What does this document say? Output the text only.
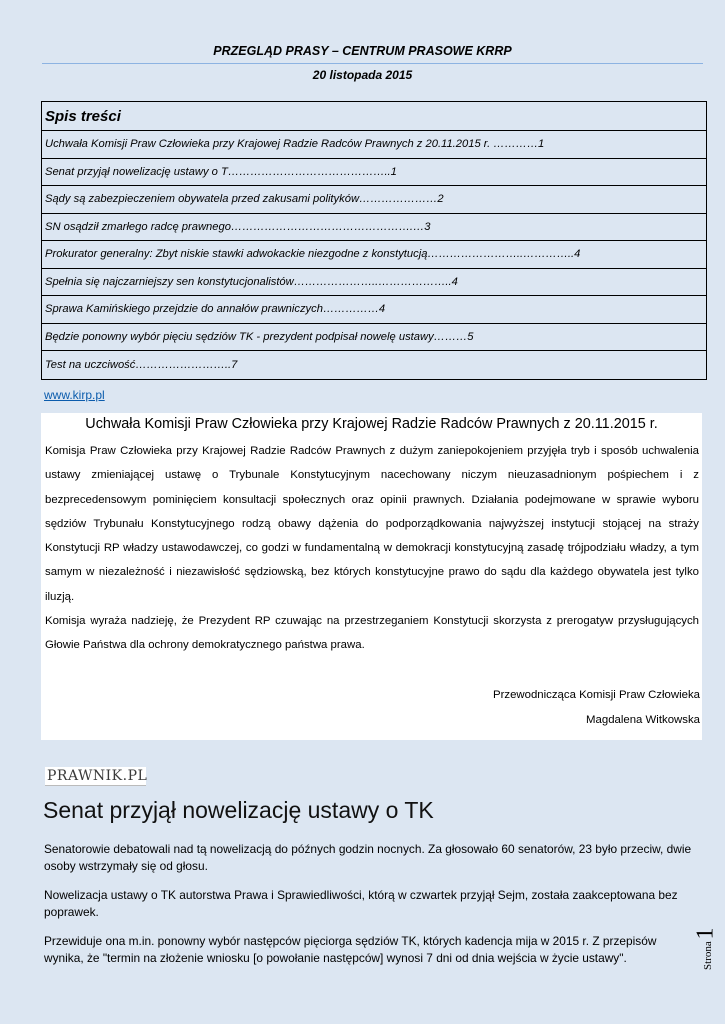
PRZEGLĄD PRASY – CENTRUM PRASOWE KRRP
20 listopada 2015
Spis treści
Uchwała Komisji Praw Człowieka przy Krajowej Radzie Radców Prawnych z 20.11.2015 r. …………1
Senat przyjął nowelizację ustawy o T……………………………………..1
Sądy są zabezpieczeniem obywatela przed zakusami polityków…………………2
SN osądził zmarłego radcę prawnego………………………………………….…3
Prokurator generalny: Zbyt niskie stawki adwokackie niezgodne z konstytucją……………………..…………..4
Spełnia się najczarniejszy sen konstytucjonalistów…………………..………………..4
Sprawa Kamińskiego przejdzie do annałów prawniczych……………4
Będzie ponowny wybór pięciu sędziów TK - prezydent podpisał nowelę ustawy………5
Test na uczciwość……………………..7
www.kirp.pl
Uchwała Komisji Praw Człowieka przy Krajowej Radzie Radców Prawnych z 20.11.2015 r.

Komisja Praw Człowieka przy Krajowej Radzie Radców Prawnych z dużym zaniepokojeniem przyjęła tryb i sposób uchwalenia ustawy zmieniającej ustawę o Trybunale Konstytucyjnym nacechowany niczym nieuzasadnionym pośpiechem i z bezprecedensowym pominięciem konsultacji społecznych oraz opinii prawnych. Działania podejmowane w sprawie wyboru sędziów Trybunału Konstytucyjnego rodzą obawy dążenia do podporządkowania najwyższej instytucji stojącej na straży Konstytucji RP władzy ustawodawczej, co godzi w fundamentalną w demokracji konstytucyjną zasadę trójpodziału władzy, a tym samym w niezależność i niezawisłość sędziowską, bez których konstytucyjne prawo do sądu dla każdego obywatela jest tylko iluzją.

Komisja wyraża nadzieję, że Prezydent RP czuwając na przestrzeganiem Konstytucji skorzysta z prerogatyw przysługujących Głowie Państwa dla ochrony demokratycznego państwa prawa.

Przewodnicząca Komisji Praw Człowieka
Magdalena Witkowska
PRAWNIK.PL
Senat przyjął nowelizację ustawy o TK

Senatorowie debatowali nad tą nowelizacją do późnych godzin nocnych. Za głosowało 60 senatorów, 23 było przeciw, dwie osoby wstrzymały się od głosu.

Nowelizacja ustawy o TK autorstwa Prawa i Sprawiedliwości, którą w czwartek przyjął Sejm, została zaakceptowana bez poprawek.

Przewiduje ona m.in. ponowny wybór następców pięciorga sędziów TK, których kadencja mija w 2015 r. Z przepisów wynika, że "termin na złożenie wniosku [o powołanie następców] wynosi 7 dni od dnia wejścia w życie ustawy".

1
Strona
